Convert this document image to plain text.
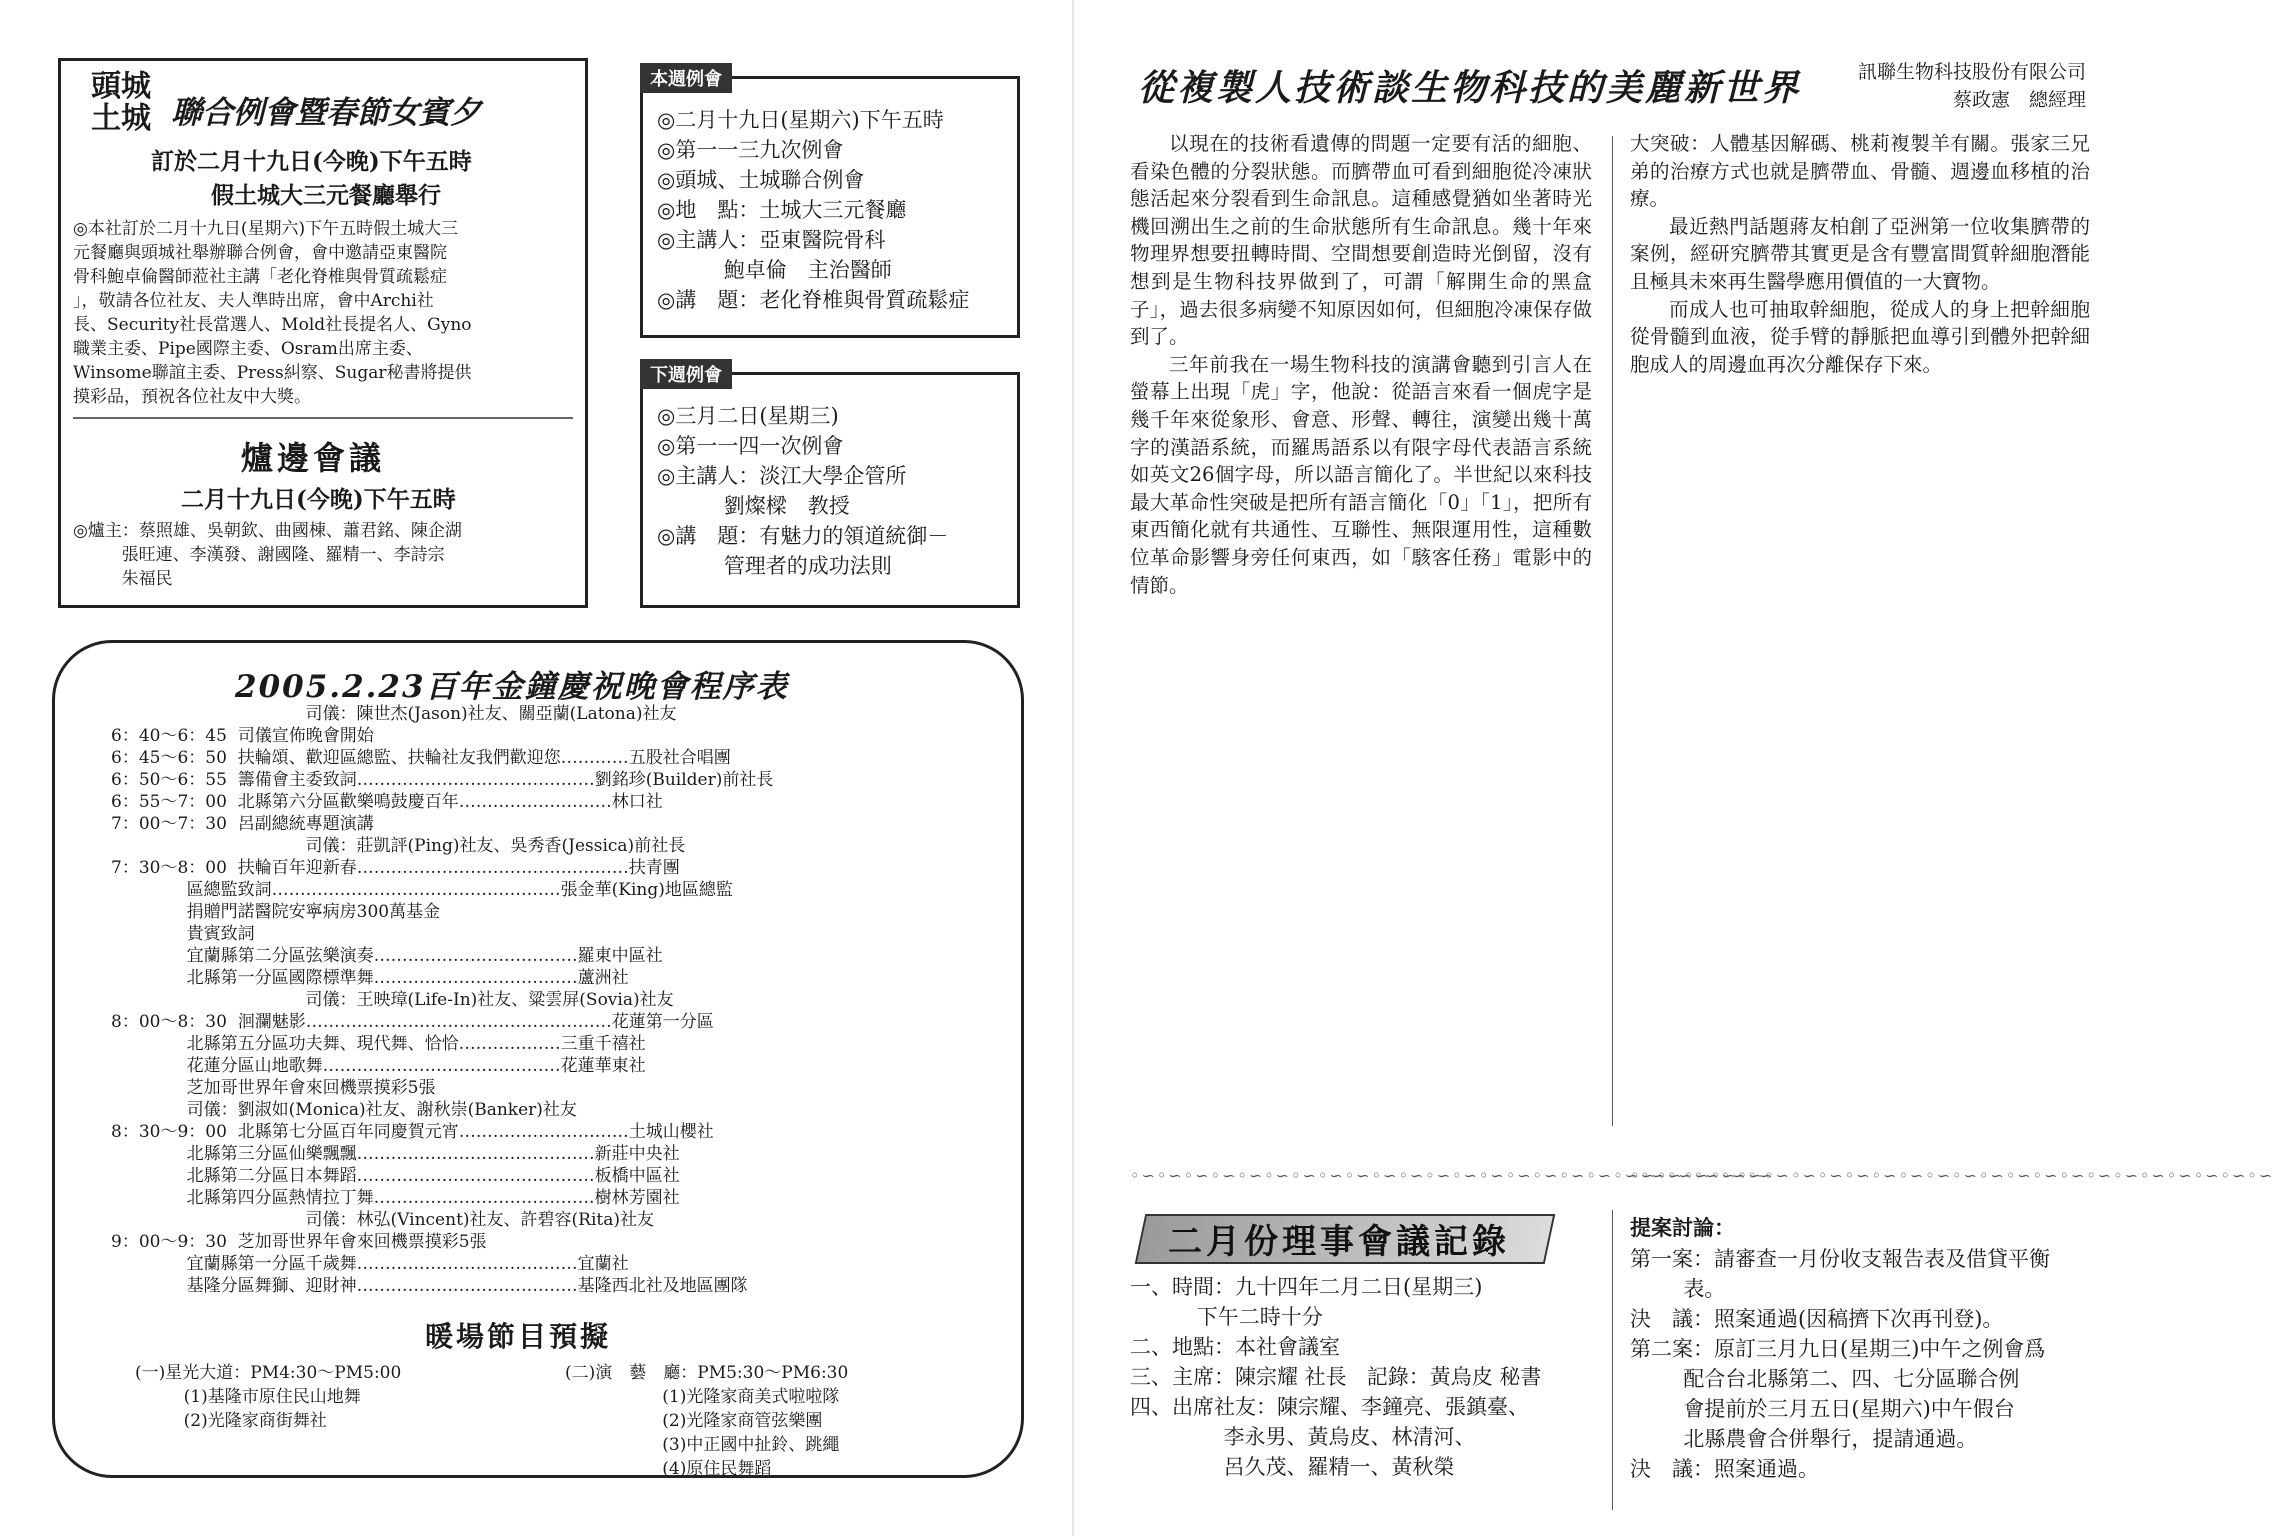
頭城
土城 聯合例會暨春節女賓夕
訂於二月十九日(今晚)下午五時
假土城大三元餐廳舉行
◎本社訂於二月十九日(星期六)下午五時假土城大三
元餐廳與頭城社舉辦聯合例會，會中邀請亞東醫院
骨科鮑卓倫醫師蒞社主講「老化脊椎與骨質疏鬆症
」，敬請各位社友、夫人準時出席，會中Archi社
長、Security社長當選人、Mold社長提名人、Gyno
職業主委、Pipe國際主委、Osram出席主委、
Winsome聯誼主委、Press糾察、Sugar秘書將提供
摸彩品，預祝各位社友中大獎。
爐邊會議
二月十九日(今晚)下午五時
◎爐主：蔡照雄、吳朝欽、曲國棟、蕭君銘、陳企湖
張旺連、李漢發、謝國隆、羅精一、李詩宗
朱福民
本週例會
◎二月十九日(星期六)下午五時
◎第一一三九次例會
◎頭城、土城聯合例會
◎地　點：土城大三元餐廳
◎主講人：亞東醫院骨科
鮑卓倫　主治醫師
◎講　題：老化脊椎與骨質疏鬆症
下週例會
◎三月二日(星期三)
◎第一一四一次例會
◎主講人：淡江大學企管所
劉燦樑　教授
◎講　題：有魅力的領道統御－
管理者的成功法則
2005.2.23百年金鐘慶祝晚會程序表
司儀：陳世杰(Jason)社友、關亞蘭(Latona)社友
6：40～6：45  司儀宣佈晚會開始
6：45～6：50  扶輪頌、歡迎區總監、扶輪社友我們歡迎您…………五股社合唱團
6：50～6：55  籌備會主委致詞……………………………………劉銘珍(Builder)前社長
6：55～7：00  北縣第六分區歡樂鳴鼓慶百年………………………林口社
7：00～7：30  呂副總統專題演講
司儀：莊凱評(Ping)社友、吳秀香(Jessica)前社長
7：30～8：00  扶輪百年迎新春…………………………………………扶青團
區總監致詞……………………………………………張金華(King)地區總監
捐贈門諾醫院安寧病房300萬基金
貴賓致詞
宜蘭縣第二分區弦樂演奏………………………………羅東中區社
北縣第一分區國際標準舞………………………………蘆洲社
司儀：王映璋(Life-In)社友、粱雲屏(Sovia)社友
8：00～8：30  洄瀾魅影………………………………………………花蓮第一分區
北縣第五分區功夫舞、現代舞、恰恰………………三重千禧社
花蓮分區山地歌舞……………………………………花蓮華東社
芝加哥世界年會來回機票摸彩5張
司儀：劉淑如(Monica)社友、謝秋崇(Banker)社友
8：30～9：00  北縣第七分區百年同慶賀元宵…………………………土城山櫻社
北縣第三分區仙樂飄飄……………………………………新莊中央社
北縣第二分區日本舞蹈……………………………………板橋中區社
北縣第四分區熱情拉丁舞…………………………………樹林芳園社
司儀：林弘(Vincent)社友、許碧容(Rita)社友
9：00～9：30  芝加哥世界年會來回機票摸彩5張
宜蘭縣第一分區千歲舞…………………………………宜蘭社
基隆分區舞獅、迎財神…………………………………基隆西北社及地區團隊
暖場節目預擬
(一)星光大道：PM4:30～PM5:00
(1)基隆市原住民山地舞
(2)光隆家商街舞社
(二)演　藝　廳：PM5:30～PM6:30
(1)光隆家商美式啦啦隊
(2)光隆家商管弦樂團
(3)中正國中扯鈴、跳繩
(4)原住民舞蹈
從複製人技術談生物科技的美麗新世界	訊聯生物科技股份有限公司
蔡政憲　總經理

以現在的技術看遺傳的問題一定要有活的細胞、看染色體的分裂狀態。而臍帶血可看到細胞從冷凍狀態活起來分裂看到生命訊息。這種感覺猶如坐著時光機回溯出生之前的生命狀態所有生命訊息。幾十年來物理界想要扭轉時間、空間想要創造時光倒留，沒有想到是生物科技界做到了，可謂「解開生命的黑盒子」，過去很多病變不知原因如何，但細胞冷凍保存做到了。

三年前我在一場生物科技的演講會聽到引言人在螢幕上出現「虎」字，他說：從語言來看一個虎字是幾千年來從象形、會意、形聲、轉往，演變出幾十萬字的漢語系統，而羅馬語系以有限字母代表語言系統如英文26個字母，所以語言簡化了。半世紀以來科技最大革命性突破是把所有語言簡化「0」「1」，把所有東西簡化就有共通性、互聯性、無限運用性，這種數位革命影響身旁任何東西，如「駭客任務」電影中的情節。

大突破：人體基因解碼、桃莉複製羊有關。張家三兄弟的治療方式也就是臍帶血、骨髓、週邊血移植的治療。

最近熱門話題蔣友柏創了亞洲第一位收集臍帶的案例，經研究臍帶其實更是含有豐富間質幹細胞潛能且極具未來再生醫學應用價值的一大寶物。

而成人也可抽取幹細胞，從成人的身上把幹細胞從骨髓到血液，從手臂的靜脈把血導引到體外把幹細胞成人的周邊血再次分離保存下來。

◦∽◦∽◦∽◦∽◦∽◦∽◦∽◦∽◦∽◦∽◦∽◦∽◦∽◦∽◦∽◦∽◦∽◦∽◦∽◦∽◦∽◦∽◦∽◦∽
◦∽◦∽◦∽◦∽◦∽◦∽◦∽◦∽◦∽◦∽◦∽◦∽◦∽◦∽◦∽◦∽◦∽◦∽◦∽◦∽◦∽◦∽◦∽◦∽
二月份理事會議記錄
一、時間：九十四年二月二日(星期三)
下午二時十分
二、地點：本社會議室
三、主席：陳宗耀 社長   記錄：黃烏皮 秘書
四、出席社友：陳宗耀、李鐘亮、張鎮臺、
李永男、黃烏皮、林清河、
呂久茂、羅精一、黃秋榮
提案討論：
第一案：請審查一月份收支報告表及借貸平衡
表。
決　議：照案通過(因稿擠下次再刊登)。
第二案：原訂三月九日(星期三)中午之例會爲
配合台北縣第二、四、七分區聯合例
會提前於三月五日(星期六)中午假台
北縣農會合併舉行，提請通過。
決　議：照案通過。
